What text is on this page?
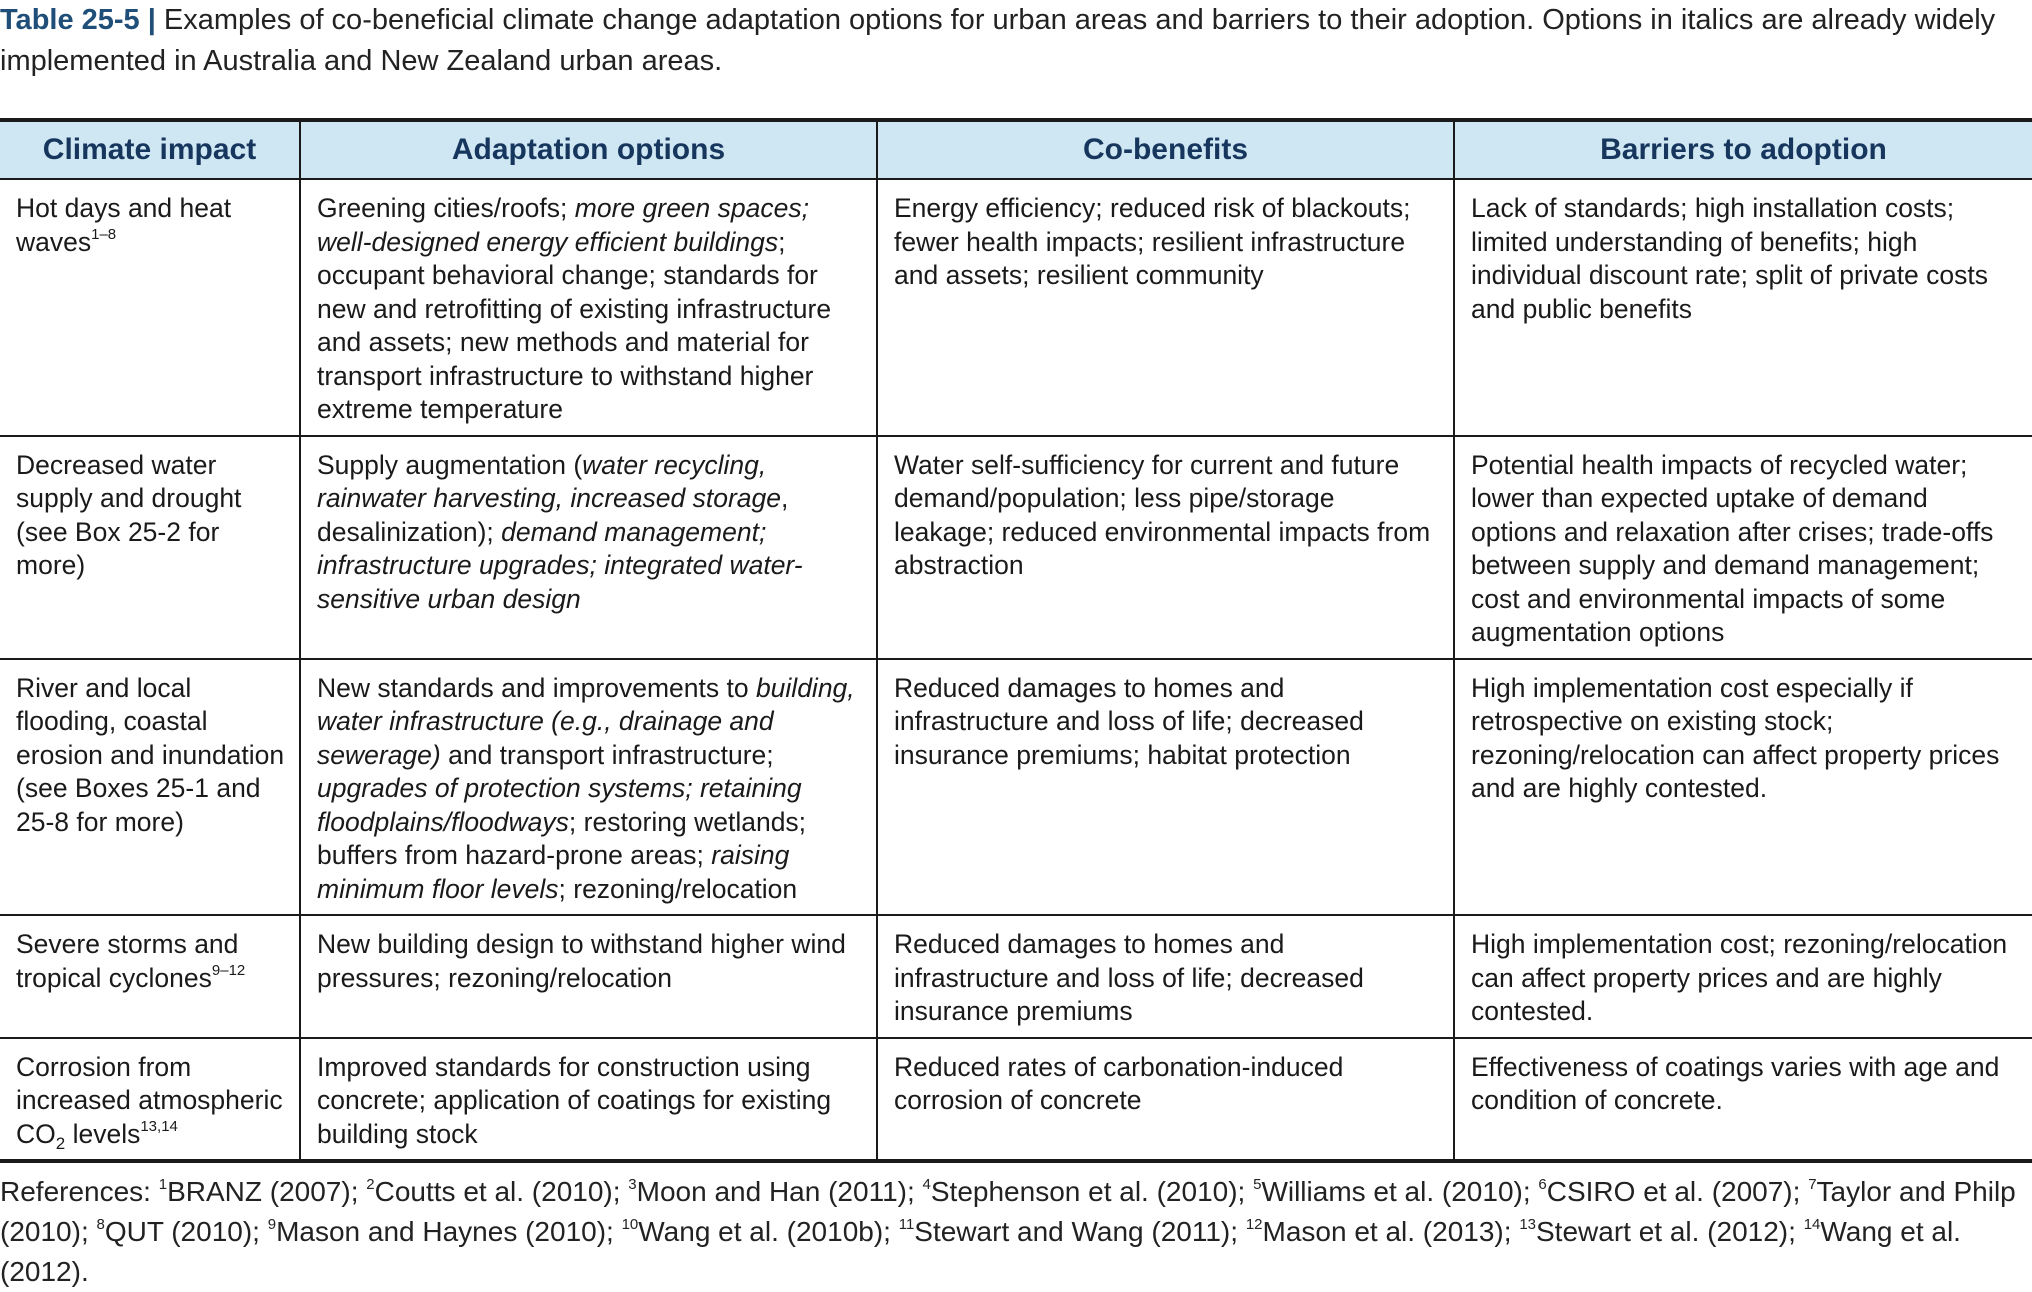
Table 25-5 | Examples of co-beneficial climate change adaptation options for urban areas and barriers to their adoption. Options in italics are already widely implemented in Australia and New Zealand urban areas.
Climate impact	Adaptation options	Co-benefits	Barriers to adoption
Hot days and heat waves$^{1-8}$	Greening cities/roofs; more green spaces; well-designed energy efficient buildings; occupant behavioral change; standards for new and retrofitting of existing infrastructure and assets; new methods and material for transport infrastructure to withstand higher extreme temperature	Energy efficiency; reduced risk of blackouts; fewer health impacts; resilient infrastructure and assets; resilient community	Lack of standards; high installation costs; limited understanding of benefits; high individual discount rate; split of private costs and public benefits
Decreased water supply and drought (see Box 25-2 for more)	Supply augmentation (water recycling, rainwater harvesting, increased storage, desalinization); demand management; infrastructure upgrades; integrated water-sensitive urban design	Water self-sufficiency for current and future demand/population; less pipe/storage leakage; reduced environmental impacts from abstraction	Potential health impacts of recycled water; lower than expected uptake of demand options and relaxation after crises; trade-offs between supply and demand management; cost and environmental impacts of some augmentation options
River and local flooding, coastal erosion and inundation (see Boxes 25-1 and 25-8 for more)	New standards and improvements to building, water infrastructure (e.g., drainage and sewerage) and transport infrastructure; upgrades of protection systems; retaining floodplains/floodways; restoring wetlands; buffers from hazard-prone areas; raising minimum floor levels; rezoning/relocation	Reduced damages to homes and infrastructure and loss of life; decreased insurance premiums; habitat protection	High implementation cost especially if retrospective on existing stock; rezoning/relocation can affect property prices and are highly contested.
Severe storms and tropical cyclones$^{9-12}$	New building design to withstand higher wind pressures; rezoning/relocation	Reduced damages to homes and infrastructure and loss of life; decreased insurance premiums	High implementation cost; rezoning/relocation can affect property prices and are highly contested.
Corrosion from increased atmospheric $CO_2$ levels$^{13,14}$	Improved standards for construction using concrete; application of coatings for existing building stock	Reduced rates of carbonation-induced corrosion of concrete	Effectiveness of coatings varies with age and condition of concrete.
References: $^1$BRANZ (2007); $^2$Coutts et al. (2010); $^3$Moon and Han (2011); $^4$Stephenson et al. (2010); $^5$Williams et al. (2010); $^6$CSIRO et al. (2007); $^7$Taylor and Philp (2010); $^8$QUT (2010); $^9$Mason and Haynes (2010); $^{10}$Wang et al. (2010b); $^{11}$Stewart and Wang (2011); $^{12}$Mason et al. (2013); $^{13}$Stewart et al. (2012); $^{14}$Wang et al. (2012).
